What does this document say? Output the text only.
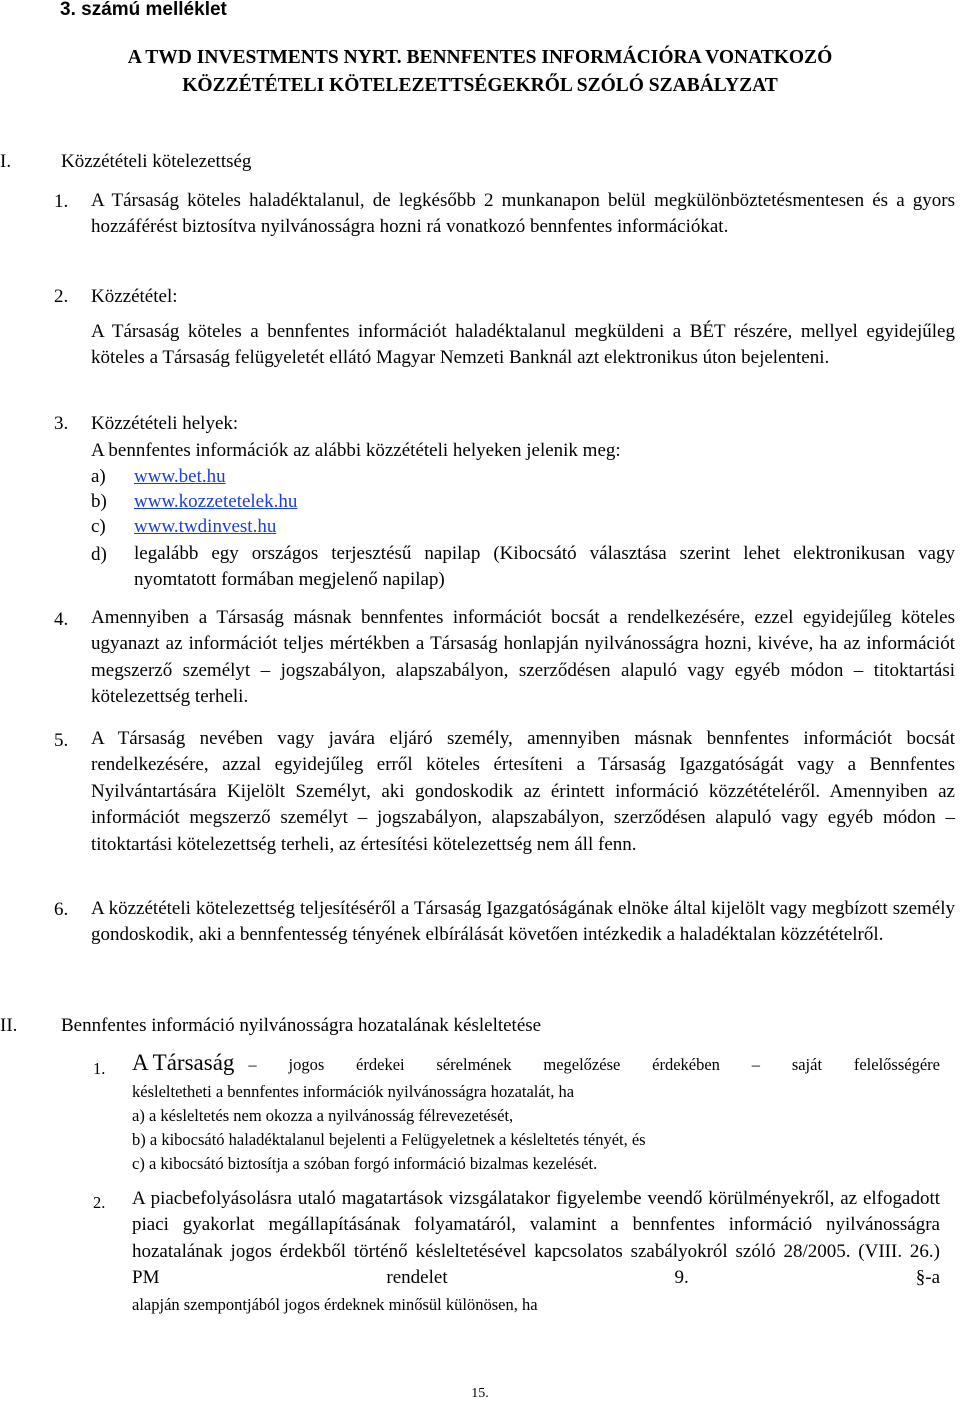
3. számú melléklet
A TWD INVESTMENTS NYRT. BENNFENTES INFORMÁCIÓRA VONATKOZÓ
KÖZZÉTÉTELI KÖTELEZETTSÉGEKRŐL SZÓLÓ SZABÁLYZAT
I.	Közzétételi kötelezettség
1. A Társaság köteles haladéktalanul, de legkésőbb 2 munkanapon belül megkülönböztetésmentesen és a gyors hozzáférést biztosítva nyilvánosságra hozni rá vonatkozó bennfentes információkat.
2. Közzététel:
A Társaság köteles a bennfentes információt haladéktalanul megküldeni a BÉT részére, mellyel egyidejűleg köteles a Társaság felügyeletét ellátó Magyar Nemzeti Banknál azt elektronikus úton bejelenteni.
3. Közzétételi helyek:
A bennfentes információk az alábbi közzétételi helyeken jelenik meg:
a) www.bet.hu
b) www.kozzetetelek.hu
c) www.twdinvest.hu
d) legalább egy országos terjesztésű napilap (Kibocsátó választása szerint lehet elektronikusan vagy nyomtatott formában megjelenő napilap)
4. Amennyiben a Társaság másnak bennfentes információt bocsát a rendelkezésére, ezzel egyidejűleg köteles ugyanazt az információt teljes mértékben a Társaság honlapján nyilvánosságra hozni, kivéve, ha az információt megszerző személyt – jogszabályon, alapszabályon, szerződésen alapuló vagy egyéb módon – titoktartási kötelezettség terheli.
5. A Társaság nevében vagy javára eljáró személy, amennyiben másnak bennfentes információt bocsát rendelkezésére, azzal egyidejűleg erről köteles értesíteni a Társaság Igazgatóságát vagy a Bennfentes Nyilvántartására Kijelölt Személyt, aki gondoskodik az érintett információ közzétételéről. Amennyiben az információt megszerző személyt – jogszabályon, alapszabályon, szerződésen alapuló vagy egyéb módon – titoktartási kötelezettség terheli, az értesítési kötelezettség nem áll fenn.
6. A közzétételi kötelezettség teljesítéséről a Társaság Igazgatóságának elnöke által kijelölt vagy megbízott személy gondoskodik, aki a bennfentesség tényének elbírálását követően intézkedik a haladéktalan közzétételről.
II. Bennfentes információ nyilvánosságra hozatalának késleltetése
1. A Társaság – jogos érdekei sérelmének megelőzése érdekében – saját felelősségére
késleltetheti a bennfentes információk nyilvánosságra hozatalát, ha
a) a késleltetés nem okozza a nyilvánosság félrevezetését,
b) a kibocsátó haladéktalanul bejelenti a Felügyeletnek a késleltetés tényét, és
c) a kibocsátó biztosítja a szóban forgó információ bizalmas kezelését.
2. A piacbefolyásolásra utaló magatartások vizsgálatakor figyelembe veendő körülményekről, az elfogadott piaci gyakorlat megállapításának folyamatáról, valamint a bennfentes információ nyilvánosságra hozatalának jogos érdekből történő késleltetésével kapcsolatos szabályokról szóló 28/2005. (VIII. 26.) PM rendelet 9. §-a
alapján szempontjából jogos érdeknek minősül különösen, ha
15.
